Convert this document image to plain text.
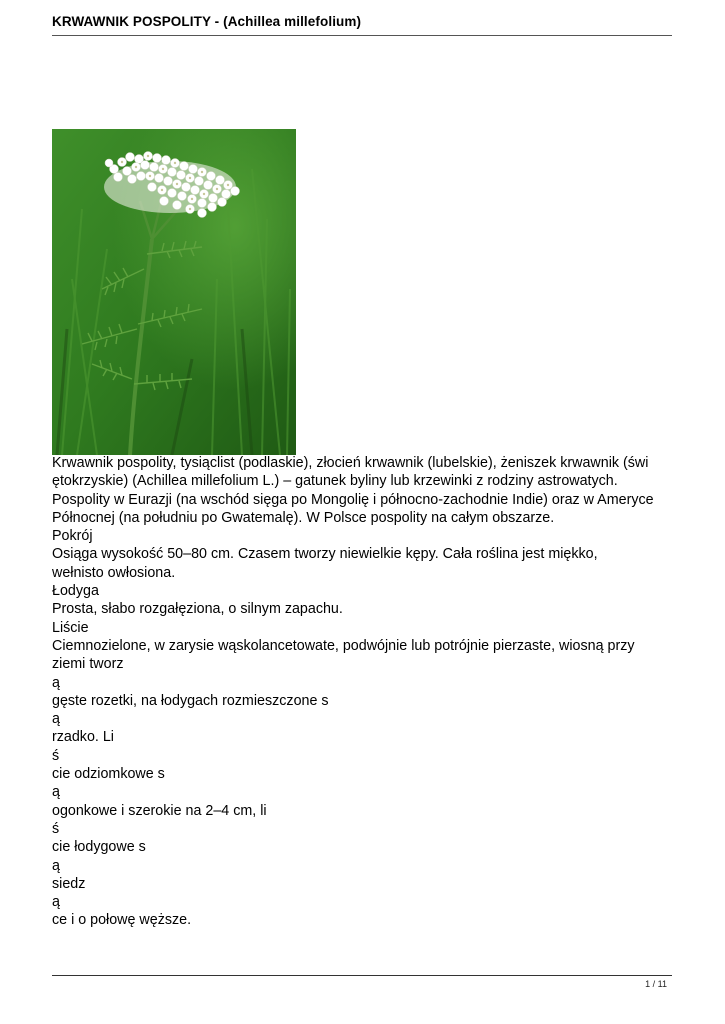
KRWAWNIK POSPOLITY - (Achillea millefolium)
Krwawnik pospolity, tysiąclist (podlaskie), złocień krwawnik (lubelskie), żeniszek krwawnik (świ
ętokrzyskie) (Achillea millefolium L.) – gatunek byliny lub krzewinki z rodziny astrowatych.
Pospolity w Eurazji (na wschód sięga po Mongolię i północno-zachodnie Indie) oraz w Ameryce
Północnej (na południu po Gwatemalę). W Polsce pospolity na całym obszarze.
Pokrój
Osiąga wysokość 50–80 cm. Czasem tworzy niewielkie kępy. Cała roślina jest miękko,
wełnisto owłosiona.
Łodyga
Prosta, słabo rozgałęziona, o silnym zapachu.
Liście
Ciemnozielone, w zarysie wąskolancetowate, podwójnie lub potrójnie pierzaste, wiosną przy
ziemi tworz
ą
gęste rozetki, na łodygach rozmieszczone s
ą
rzadko. Li
ś
cie odziomkowe s
ą
ogonkowe i szerokie na 2–4 cm, li
ś
cie łodygowe s
ą
siedz
ą
ce i o połowę węższe.
1 / 11
